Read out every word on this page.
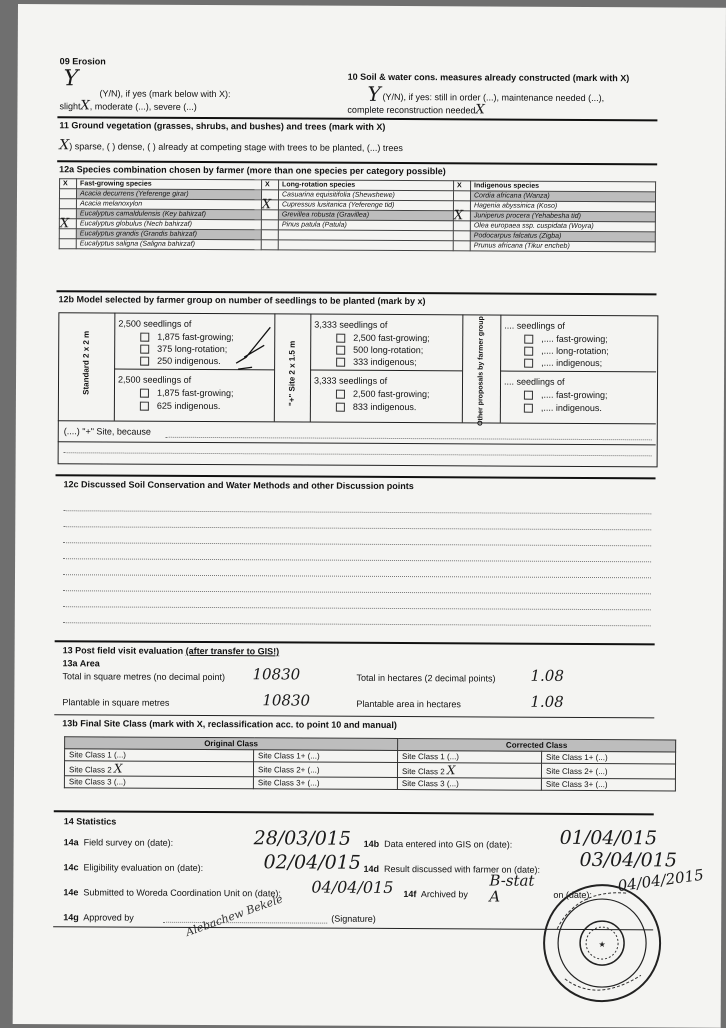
09 Erosion
Y
(Y/N), if yes (mark below with X):
slightX, moderate (...), severe (...)
10 Soil & water cons. measures already constructed (mark with X)
Y (Y/N), if yes: still in order (...), maintenance needed (...),
complete reconstruction neededX
11 Ground vegetation (grasses, shrubs, and bushes) and trees (mark with X)
X) sparse, ( ) dense, ( ) already at competing stage with trees to be planted, (...) trees
12a Species combination chosen by farmer (more than one species per category possible)
X	Fast-growing species	X	Long-rotation species	X	Indigenous species
	Acacia decurrens (Yeferenge girar)		Casuarina equisitifolia (Shewshewe)		Cordia africana (Wanza)
	Acacia melanoxylon	X	Cupressus lusitanica (Yeferenge tid)		Hagenia abyssinica (Koso)
	Eucalyptus camaldulensis (Key bahirzaf)		Grevillea robusta (Gravillea)	X	Juniperus procera (Yehabesha tid)
X	Eucalyptus globulus (Nech bahirzaf)		Pinus patula (Patula)		Olea europaea ssp. cuspidata (Woyra)
	Eucalyptus grandis (Grandis bahirzaf)				Podocarpus falcatus (Zigba)
	Eucalyptus saligna (Saligna bahirzaf)				Prunus africana (Tikur encheb)
12b Model selected by farmer group on number of seedlings to be planted (mark by x)
Standard 2 x 2 m	"+" Site 2 x 1.5 m	Other proposals by farmer group
2,500 seedlings of
1,875 fast-growing;
375 long-rotation;
250 indigenous.
2,500 seedlings of
1,875 fast-growing;
625 indigenous.
3,333 seedlings of
2,500 fast-growing;
500 long-rotation;
333 indigenous;
3,333 seedlings of
2,500 fast-growing;
833 indigenous.
.... seedlings of
,.... fast-growing;
,.... long-rotation;
,.... indigenous;
.... seedlings of
,.... fast-growing;
,.... indigenous.
(....) "+" Site, because
12c Discussed Soil Conservation and Water Methods and other Discussion points
13 Post field visit evaluation (after transfer to GIS!)
13a Area
Total in square metres (no decimal point) 10830	Total in hectares (2 decimal points) 1.08
Plantable in square metres	10830	Plantable area in hectares	1.08
13b Final Site Class (mark with X, reclassification acc. to point 10 and manual)
Original Class		Corrected Class	
Site Class 1 (...)	Site Class 1+ (...)	Site Class 1 (...)	Site Class 1+ (...)
Site Class 2 X	Site Class 2+ (...)	Site Class 2 X	Site Class 2+ (...)
Site Class 3 (...)	Site Class 3+ (...)	Site Class 3 (...)	Site Class 3+ (...)
14 Statistics
14a Field survey on (date):	28/03/015 14b Data entered into GIS on (date): 01/04/015
14c Eligibility evaluation on (date):	02/04/015 14d Result discussed with farmer on (date): 03/04/015
14e Submitted to Woreda Coordination Unit on (date): 04/04/015 14f Archived by
B-stat A	on (date): 04/04/2015
14g Approved by	(Signature)
Alebachew Bekele
★
